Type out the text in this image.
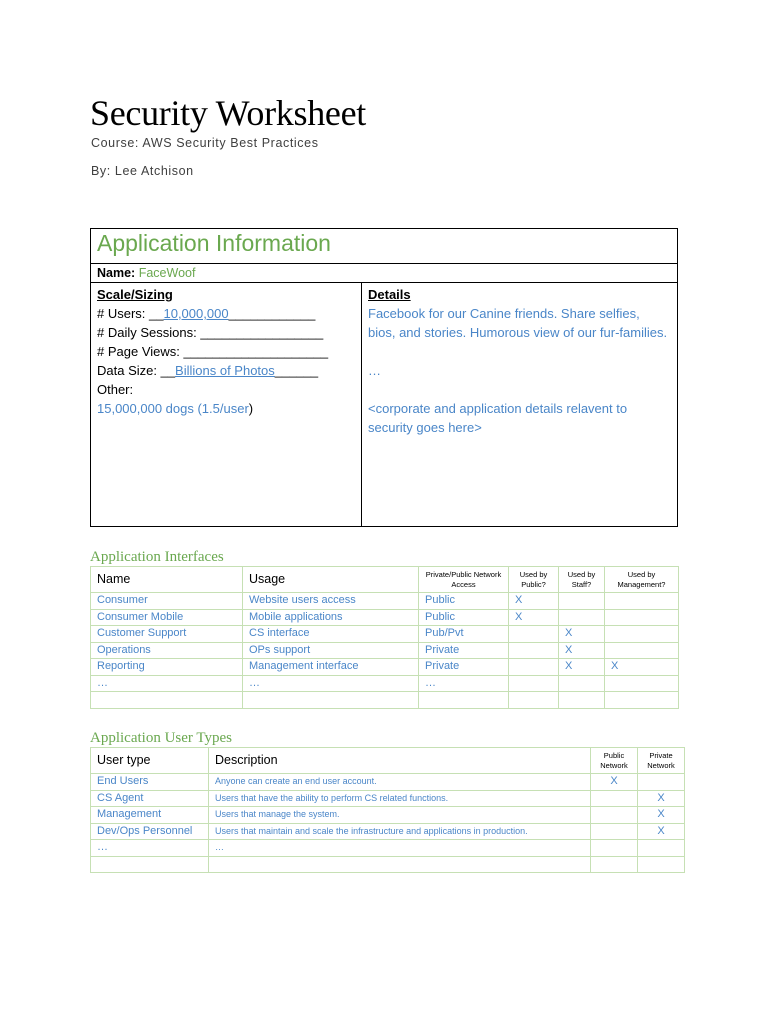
Security Worksheet
Course: AWS Security Best Practices
By: Lee Atchison
Application Information
Name: FaceWoof
Scale/Sizing
# Users: __10,000,000____________
# Daily Sessions: _________________
# Page Views: ____________________
Data Size: __Billions of Photos______
Other:
15,000,000 dogs (1.5/user)
Details
Facebook for our Canine friends. Share selfies, bios, and stories. Humorous view of our fur-families.
…
<corporate and application details relavent to security goes here>
Application Interfaces
Name	Usage	Private/Public Network Access	Used by Public?	Used by Staff?	Used by Management?
Consumer	Website users access	Public	X		
Consumer Mobile	Mobile applications	Public	X		
Customer Support	CS interface	Pub/Pvt		X	
Operations	OPs support	Private		X	
Reporting	Management interface	Private		X	X
…	…	…			

Application User Types
User type	Description	Public Network	Private Network
End Users	Anyone can create an end user account.	X	
CS Agent	Users that have the ability to perform CS related functions.		X
Management	Users that manage the system.		X
Dev/Ops Personnel	Users that maintain and scale the infrastructure and applications in production.		X
…	…		
